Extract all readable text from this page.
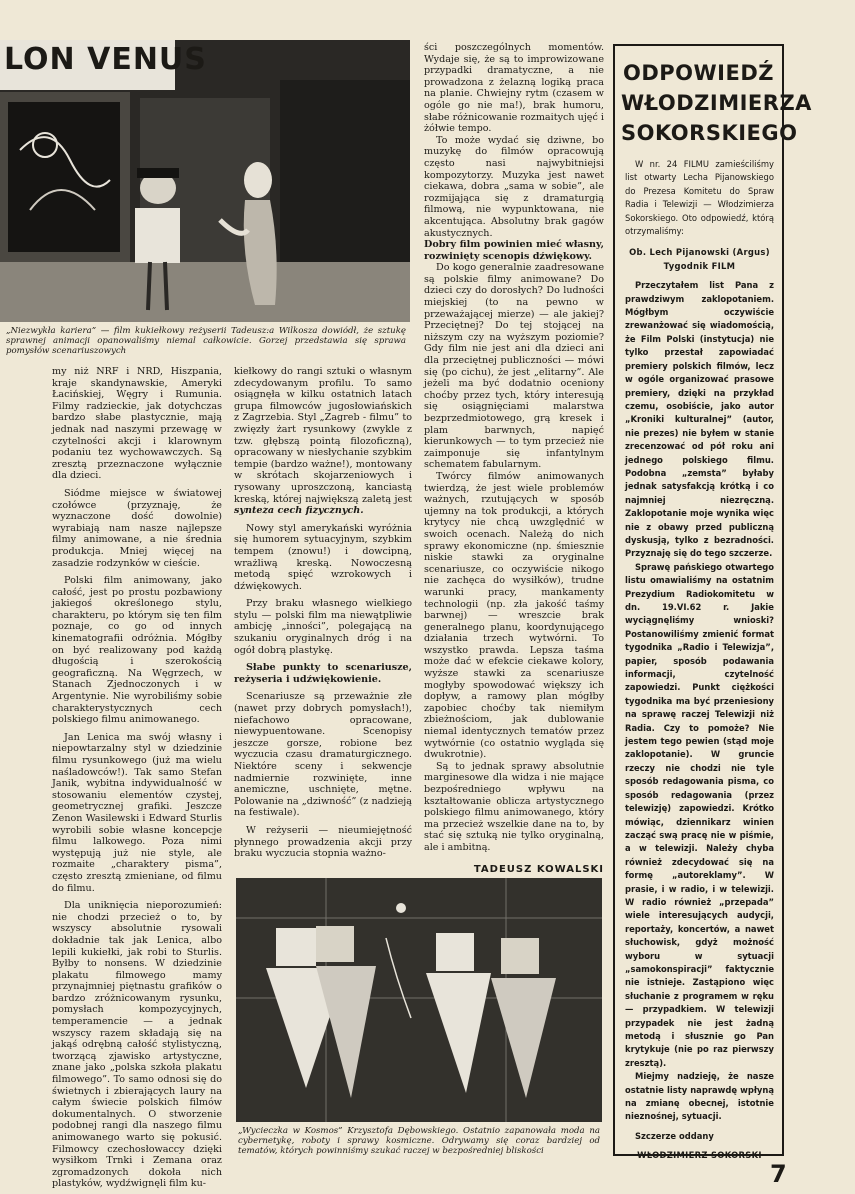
LON VENUS
„Niezwykła kariera” — film kukiełkowy reżyserii Tadeusz:a Wilkosza dowiódł, że sztukę sprawnej animacji opanowaliśmy niemal całkowicie. Gorzej przedstawia się sprawa pomysłów scenariuszowych

ści poszczególnych momentów. Wydaje się, że są to improwizowane przypadki dramatyczne, a nie prowadzona z żelazną logiką praca na planie. Chwiejny rytm (czasem w ogóle go nie ma!), brak humoru, słabe różnicowanie rozmaitych ujęć i żółwie tempo.

To może wydać się dziwne, bo muzykę do filmów opracowują często nasi najwybitniejsi kompozytorzy. Muzyka jest nawet ciekawa, dobra „sama w sobie”, ale rozmijająca się z dramaturgią filmową, nie wypunktowana, nie akcentująca. Absolutny brak gagów akustycznych.

Dobry film powinien mieć własny, rozwinięty scenopis dźwiękowy.

Do kogo generalnie zaadresowane są polskie filmy animowane? Do dzieci czy do dorosłych? Do ludności miejskiej (to na pewno w przeważającej mierze) — ale jakiej? Przeciętnej? Do tej stojącej na niższym czy na wyższym poziomie? Gdy film nie jest ani dla dzieci ani dla przeciętnej publiczności — mówi się (po cichu), że jest „elitarny”. Ale jeżeli ma być dodatnio oceniony choćby przez tych, który interesują się osiągnięciami malarstwa bezprzedmiotowego, grą kresek i plam barwnych, napięć kierunkowych — to tym przecież nie zaimponuje się infantylnym schematem fabularnym.

Twórcy filmów animowanych twierdzą, że jest wiele problemów ważnych, rzutujących w sposób ujemny na tok produkcji, a których krytycy nie chcą uwzględnić w swoich ocenach. Należą do nich sprawy ekonomiczne (np. śmiesznie niskie stawki za oryginalne scenariusze, co oczywiście nikogo nie zachęca do wysiłków), trudne warunki pracy, mankamenty technologii (np. zła jakość taśmy barwnej) — wreszcie brak generalnego planu, koordynującego działania trzech wytwórni. To wszystko prawda. Lepsza taśma może dać w efekcie ciekawe kolory, wyższe stawki za scenariusze mogłyby spowodować większy ich dopływ, a ramowy plan mógłby zapobiec choćby tak niemiłym zbieżnościom, jak dublowanie niemal identycznych tematów przez wytwórnie (co ostatnio wygląda się dwukrotnie).

Są to jednak sprawy absolutnie marginesowe dla widza i nie mające bezpośredniego wpływu na kształtowanie oblicza artystycznego polskiego filmu animowanego, który ma przecież wszelkie dane na to, by stać się sztuką nie tylko oryginalną, ale i ambitną.

TADEUSZ KOWALSKI

my niż NRF i NRD, Hiszpania, kraje skandynawskie, Ameryki Łacińskiej, Węgry i Rumunia. Filmy radzieckie, jak dotychczas bardzo słabe plastycznie, mają jednak nad naszymi przewagę w czytelności akcji i klarownym podaniu tez wychowawczych. Są zresztą przeznaczone wyłącznie dla dzieci.

Siódme miejsce w światowej czołówce (przyznaję, że wyznaczone dość dowolnie) wyrabiają nam nasze najlepsze filmy animowane, a nie średnia produkcja. Mniej więcej na zasadzie rodzynków w cieście.

Polski film animowany, jako całość, jest po prostu pozbawiony jakiegoś określonego stylu, charakteru, po którym się ten film poznaje, co go od innych kinematografii odróżnia. Mógłby on być realizowany pod każdą długością i szerokością geograficzną. Na Węgrzech, w Stanach Zjednoczonych i w Argentynie. Nie wyrobiliśmy sobie charakterystycznych cech polskiego filmu animowanego.

Jan Lenica ma swój własny i niepowtarzalny styl w dziedzinie filmu rysunkowego (już ma wielu naśladowców!). Tak samo Stefan Janik, wybitna indywidualność w stosowaniu elementów czystej, geometrycznej grafiki. Jeszcze Zenon Wasilewski i Edward Sturlis wyrobili sobie własne koncepcje filmu lalkowego. Poza nimi występują już nie style, ale rozmaite „charaktery pisma”, często zresztą zmieniane, od filmu do filmu.

Dla uniknięcia nieporozumień: nie chodzi przecież o to, by wszyscy absolutnie rysowali dokładnie tak jak Lenica, albo lepili kukiełki, jak robi to Sturlis. Byłby to nonsens. W dziedzinie plakatu filmowego mamy przynajmniej piętnastu grafików o bardzo zróżnicowanym rysunku, pomysłach kompozycyjnych, temperamencie — a jednak wszyscy razem składają się na jakąś odrębną całość stylistyczną, tworzącą zjawisko artystyczne, znane jako „polska szkoła plakatu filmowego”. To samo odnosi się do świetnych i zbierających laury na całym świecie polskich filmów dokumentalnych. O stworzenie podobnej rangi dla naszego filmu animowanego warto się pokusić. Filmowcy czechosłowaccy dzięki wysiłkom Trnki i Zemana oraz zgromadzonych dokoła nich plastyków, wydźwignęli film ku-

kiełkowy do rangi sztuki o własnym zdecydowanym profilu. To samo osiągnęła w kilku ostatnich latach grupa filmowców jugosłowiańskich z Zagrzebia. Styl „Zagreb - filmu” to zwięzły żart rysunkowy (zwykle z tzw. głębszą pointą filozoficzną), opracowany w niesłychanie szybkim tempie (bardzo ważne!), montowany w skrótach skojarzeniowych i rysowany uproszczoną, kanciastą kreską, której największą zaletą jest synteza cech fizycznych.

Nowy styl amerykański wyróżnia się humorem sytuacyjnym, szybkim tempem (znowu!) i dowcipną, wrażliwą kreską. Nowoczesną metodą spięć wzrokowych i dźwiękowych.

Przy braku własnego wielkiego stylu — polski film ma niewątpliwie ambicję „inności”, polegającą na szukaniu oryginalnych dróg i na ogół dobrą plastykę.

Słabe punkty to scenariusze, reżyseria i udźwiękowienie.

Scenariusze są przeważnie złe (nawet przy dobrych pomysłach!), niefachowo opracowane, niewypuentowane. Scenopisy jeszcze gorsze, robione bez wyczucia czasu dramaturgicznego. Niektóre sceny i sekwencje nadmiernie rozwinięte, inne anemiczne, uschnięte, mętne. Polowanie na „dziwność” (z nadzieją na festiwale).

W reżyserii — nieumiejętność płynnego prowadzenia akcji przy braku wyczucia stopnia ważno-

„Wycieczka w Kosmos” Krzysztofa Dębowskiego. Ostatnio zapanowała moda na cybernetykę, roboty i sprawy kosmiczne. Odrywamy się coraz bardziej od tematów, których powinniśmy szukać raczej w bezpośredniej bliskości
ODPOWIEDŹ
WŁODZIMIERZA
SOKORSKIEGO

W nr. 24 FILMU zamieściliśmy list otwarty Lecha Pijanowskiego do Prezesa Komitetu do Spraw Radia i Telewizji — Włodzimierza Sokorskiego. Oto odpowiedź, którą otrzymaliśmy:

Ob. Lech Pijanowski (Argus)

Tygodnik FILM

Przeczytałem list Pana z prawdziwym zaklopotaniem. Mógłbym oczywiście zrewanżować się wiadomością, że Film Polski (instytucja) nie tylko przestał zapowiadać premiery polskich filmów, lecz w ogóle organizować prasowe premiery, dzięki na przykład czemu, osobiście, jako autor „Kroniki kulturalnej” (autor, nie prezes) nie byłem w stanie zrecenzować od pół roku ani jednego polskiego filmu. Podobna „zemsta” byłaby jednak satysfakcją krótką i co najmniej niezręczną. Zaklopotanie moje wynika więc nie z obawy przed publiczną dyskusją, tylko z bezradności. Przyznaję się do tego szczerze.

Sprawę pańskiego otwartego listu omawialiśmy na ostatnim Prezydium Radiokomitetu w dn. 19.VI.62 r. Jakie wyciągnęliśmy wnioski? Postanowiliśmy zmienić format tygodnika „Radio i Telewizja”, papier, sposób podawania informacji, czytelność zapowiedzi. Punkt ciężkości tygodnika ma być przeniesiony na sprawę raczej Telewizji niż Radia. Czy to pomoże? Nie jestem tego pewien (stąd moje zaklopotanie). W gruncie rzeczy nie chodzi nie tyle sposób redagowania pisma, co sposób redagowania (przez telewizję) zapowiedzi. Krótko mówiąc, dziennikarz winien zacząć swą pracę nie w piśmie, a w telewizji. Należy chyba również zdecydować się na formę „autoreklamy”. W prasie, i w radio, i w telewizji. W radio również „przepada” wiele interesujących audycji, reportaży, koncertów, a nawet słuchowisk, gdyż możność wyboru w sytuacji „samokonspiracji” faktycznie nie istnieje. Zastąpiono więc słuchanie z programem w ręku — przypadkiem. W telewizji przypadek nie jest żadną metodą i słusznie go Pan krytykuje (nie po raz pierwszy zresztą).

Miejmy nadzieję, że nasze ostatnie listy naprawdę wpłyną na zmianę obecnej, istotnie nieznośnej, sytuacji.

Szczerze oddany

WŁODZIMIERZ SOKORSKI

7
